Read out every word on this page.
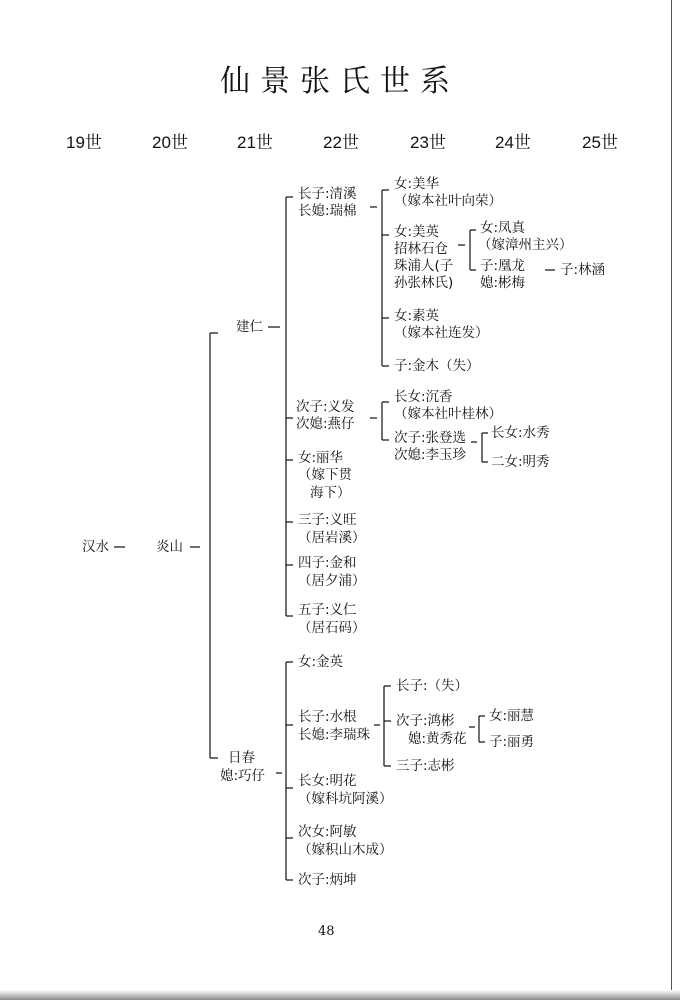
仙景张氏世系
19世	20世	21世	22世	23世	24世	25世
汉水	炎山
建仁
日春
媳:巧仔
长子:清溪
长媳:瑞棉
次子:义发
次媳:燕仔
女:丽华
（嫁下贯
海下）
三子:义旺
（居岩溪）
四子:金和
（居夕浦）
五子:义仁
（居石码）
女:美华
（嫁本社叶向荣）
女:美英
招林石仓
珠浦人(子
孙张林氏)
女:素英
（嫁本社连发）
子:金木（失）
女:凤真
（嫁漳州主兴）
子:凰龙
媳:彬梅
子:林涵
长女:沉香
（嫁本社叶桂林）
次子:张登选
次媳:李玉珍
长女:水秀
二女:明秀
女:金英
长子:水根
长媳:李瑞珠
长女:明花
（嫁科坑阿溪）
次女:阿敏
（嫁积山木成）
次子:炳坤
长子:（失）
次子:鸿彬
媳:黄秀花
三子:志彬
女:丽慧
子:丽勇
48
